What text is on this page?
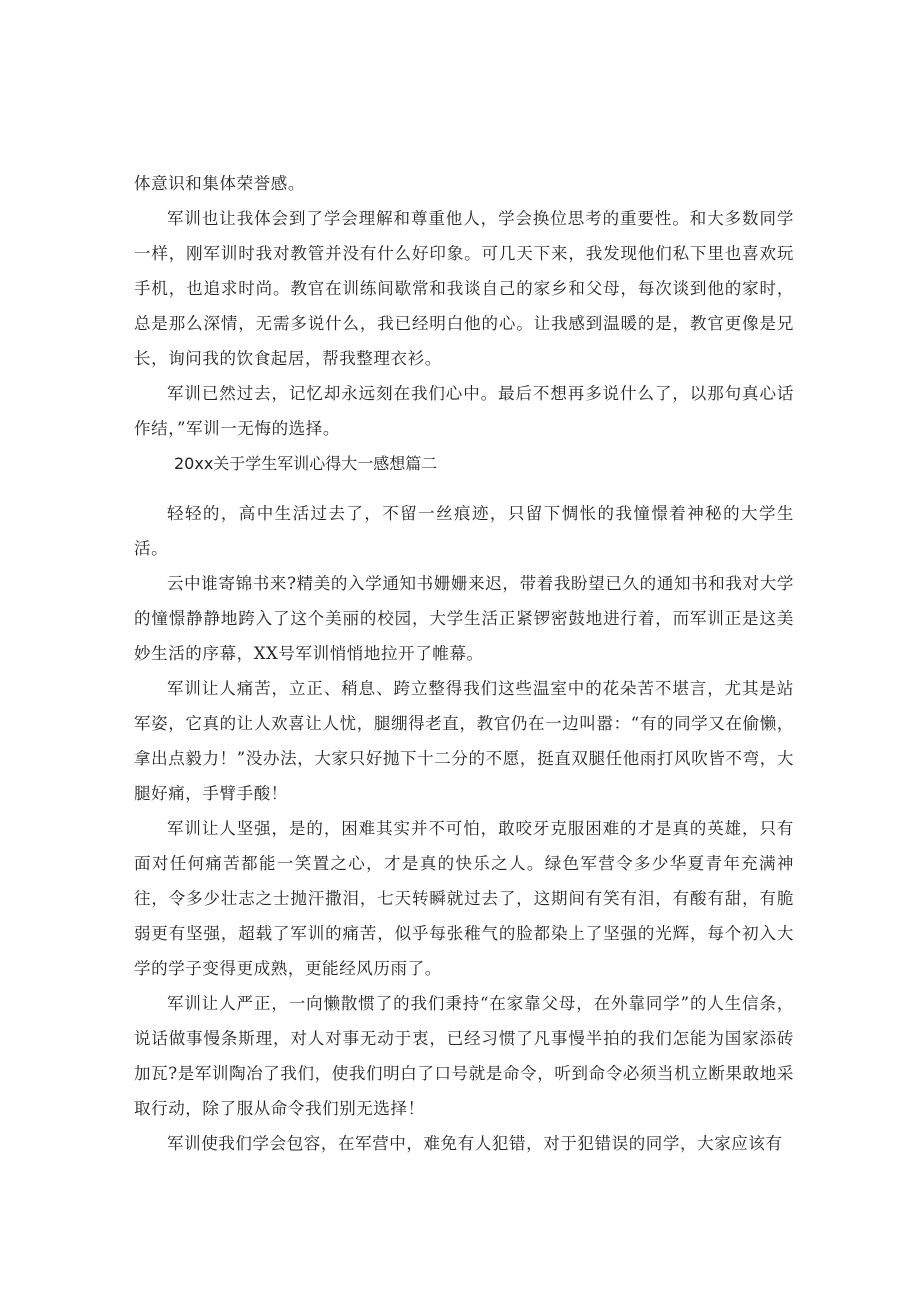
体意识和集体荣誉感。

军训也让我体会到了学会理解和尊重他人，学会换位思考的重要性。和大多数同学一样，刚军训时我对教管并没有什么好印象。可几天下来，我发现他们私下里也喜欢玩手机，也追求时尚。教官在训练间歇常和我谈自己的家乡和父母，每次谈到他的家时，总是那么深情，无需多说什么，我已经明白他的心。让我感到温暖的是，教官更像是兄长，询问我的饮食起居，帮我整理衣衫。

军训已然过去，记忆却永远刻在我们心中。最后不想再多说什么了，以那句真心话作结，”军训一无悔的选择。

20xx关于学生军训心得大一感想篇二

轻轻的，高中生活过去了，不留一丝痕迹，只留下惆怅的我憧憬着神秘的大学生活。

云中谁寄锦书来?精美的入学通知书姗姗来迟，带着我盼望已久的通知书和我对大学的憧憬静静地跨入了这个美丽的校园，大学生活正紧锣密鼓地进行着，而军训正是这美妙生活的序幕，XX号军训悄悄地拉开了帷幕。

军训让人痛苦，立正、稍息、跨立整得我们这些温室中的花朵苦不堪言，尤其是站军姿，它真的让人欢喜让人忧，腿绷得老直，教官仍在一边叫嚣：“有的同学又在偷懒，拿出点毅力！”没办法，大家只好抛下十二分的不愿，挺直双腿任他雨打风吹皆不弯，大腿好痛，手臂手酸！

军训让人坚强，是的，困难其实并不可怕，敢咬牙克服困难的才是真的英雄，只有面对任何痛苦都能一笑置之心，才是真的快乐之人。绿色军营令多少华夏青年充满神往，令多少壮志之士抛汗撒泪，七天转瞬就过去了，这期间有笑有泪，有酸有甜，有脆弱更有坚强，超载了军训的痛苦，似乎每张稚气的脸都染上了坚强的光辉，每个初入大学的学子变得更成熟，更能经风历雨了。

军训让人严正，一向懒散惯了的我们秉持“在家靠父母，在外靠同学”的人生信条，说话做事慢条斯理，对人对事无动于衷，已经习惯了凡事慢半拍的我们怎能为国家添砖加瓦?是军训陶冶了我们，使我们明白了口号就是命令，听到命令必须当机立断果敢地采取行动，除了服从命令我们别无选择！

军训使我们学会包容，在军营中，难免有人犯错，对于犯错误的同学，大家应该有
